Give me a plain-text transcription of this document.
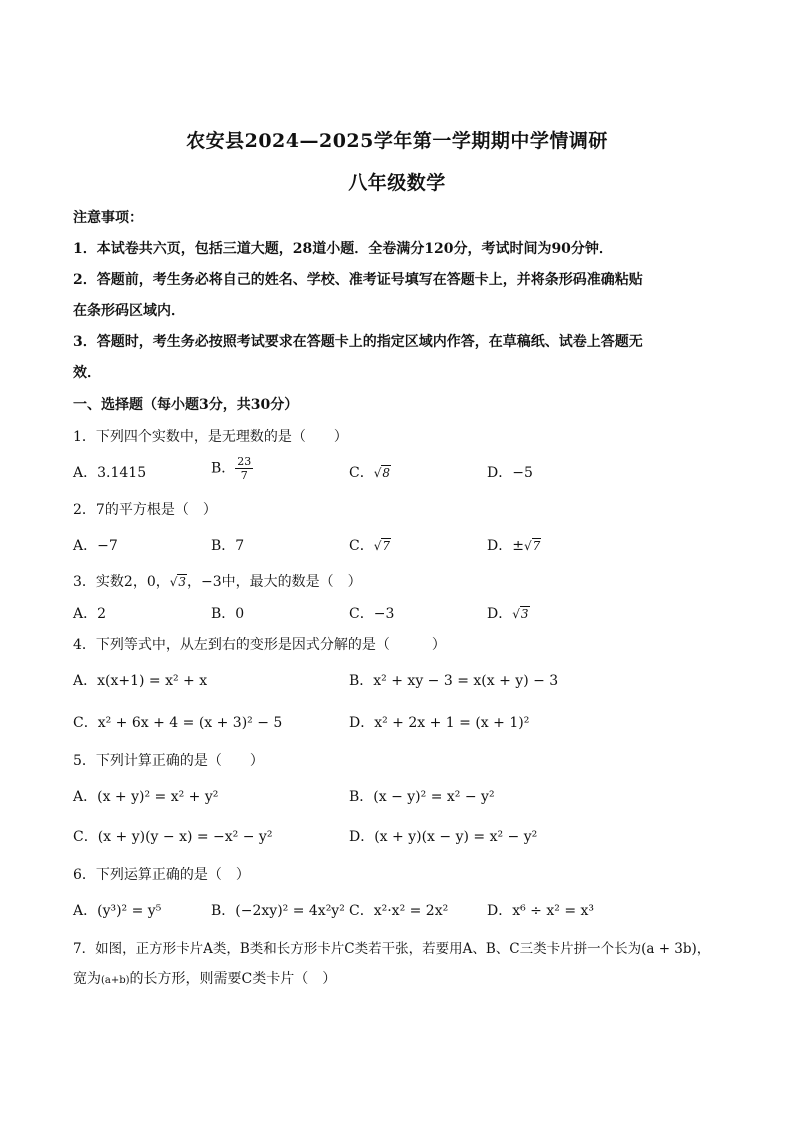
农安县2024—2025学年第一学期期中学情调研
八年级数学
注意事项：
1．本试卷共六页，包括三道大题，28道小题．全卷满分120分，考试时间为90分钟．
2．答题前，考生务必将自己的姓名、学校、准考证号填写在答题卡上，并将条形码准确粘贴
在条形码区域内．
3．答题时，考生务必按照考试要求在答题卡上的指定区域内作答，在草稿纸、试卷上答题无
效．
一、选择题（每小题3分，共30分）
1．下列四个实数中，是无理数的是（　　）
A．3.1415	B． $\frac{23}{7}$	C．√8	D．−5
2．7的平方根是（　）
A．−7	B．7	C．√7	D．±√7
3．实数2，0，√3，−3中，最大的数是（　）
A．2	B．0	C．−3	D．√3
4．下列等式中，从左到右的变形是因式分解的是（　　　）
A．x(x+1) = x² + x	B．x² + xy − 3 = x(x + y) − 3
C．x² + 6x + 4 = (x + 3)² − 5	D．x² + 2x + 1 = (x + 1)²
5．下列计算正确的是（　　）
A．(x + y)² = x² + y²	B．(x − y)² = x² − y²
C．(x + y)(y − x) = −x² − y²	D．(x + y)(x − y) = x² − y²
6．下列运算正确的是（　）
A．(y³)² = y⁵	B．(−2xy)² = 4x²y² C．x²·x² = 2x²	D．x⁶ ÷ x² = x³
7．如图，正方形卡片A类，B类和长方形卡片C类若干张，若要用A、B、C三类卡片拼一个长为(a + 3b)，
宽为(a+b)的长方形，则需要C类卡片（　）
